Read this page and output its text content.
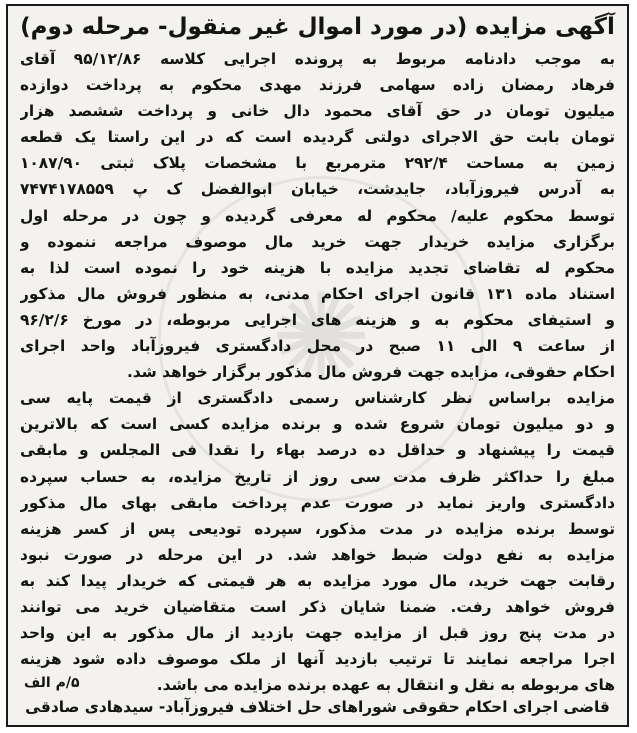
✺
آگهی مزایده (در مورد اموال غیر منقول- مرحله دوم)
به موجب دادنامه مربوط به پرونده اجرایی کلاسه ۹۵/۱۲/۸۶ آقای
فرهاد رمضان زاده سهامی فرزند مهدی محکوم به پرداخت دوازده
میلیون تومان در حق آقای محمود دال خانی و پرداخت ششصد هزار
تومان بابت حق الاجرای دولتی گردیده است که در این راستا یک قطعه
زمین به مساحت ۲۹۲/۴ مترمربع با مشخصات پلاک ثبتی ۱۰۸۷/۹۰
به آدرس فیروزآباد، جایدشت، خیابان ابوالفضل ک پ ۷۴۷۴۱۷۸۵۵۹
توسط محکوم علیه/ محکوم له معرفی گردیده و چون در مرحله اول
برگزاری مزایده خریدار جهت خرید مال موصوف مراجعه ننموده و
محکوم له تقاضای تجدید مزایده با هزینه خود را نموده است لذا به
استناد ماده ۱۳۱ قانون اجرای احکام مدنی، به منظور فروش مال مذکور
و استیفای محکوم به و هزینه های اجرایی مربوطه، در مورخ ۹۶/۲/۶
از ساعت ۹ الی ۱۱ صبح در محل دادگستری فیروزآباد واحد اجرای
احکام حقوقی، مزایده جهت فروش مال مذکور برگزار خواهد شد.
مزایده براساس نظر کارشناس رسمی دادگستری از قیمت پایه سی
و دو میلیون تومان شروع شده و برنده مزایده کسی است که بالاترین
قیمت را پیشنهاد و حداقل ده درصد بهاء را نقدا فی المجلس و مابقی
مبلغ را حداکثر ظرف مدت سی روز از تاریخ مزایده، به حساب سپرده
دادگستری واریز نماید در صورت عدم پرداخت مابقی بهای مال مذکور
توسط برنده مزایده در مدت مذکور، سپرده تودیعی پس از کسر هزینه
مزایده به نفع دولت ضبط خواهد شد. در این مرحله در صورت نبود
رقابت جهت خرید، مال مورد مزایده به هر قیمتی که خریدار پیدا کند به
فروش خواهد رفت. ضمنا شایان ذکر است متقاضیان خرید می توانند
در مدت پنج روز قبل از مزایده جهت بازدید از مال مذکور به این واحد
اجرا مراجعه نمایند تا ترتیب بازدید آنها از ملک موصوف داده شود هزینه
های مربوطه به نقل و انتقال به عهده برنده مزایده می باشد.
۵/م الف
قاضی اجرای احکام حقوقی شوراهای حل اختلاف فیروزآباد- سیدهادی صادقی
